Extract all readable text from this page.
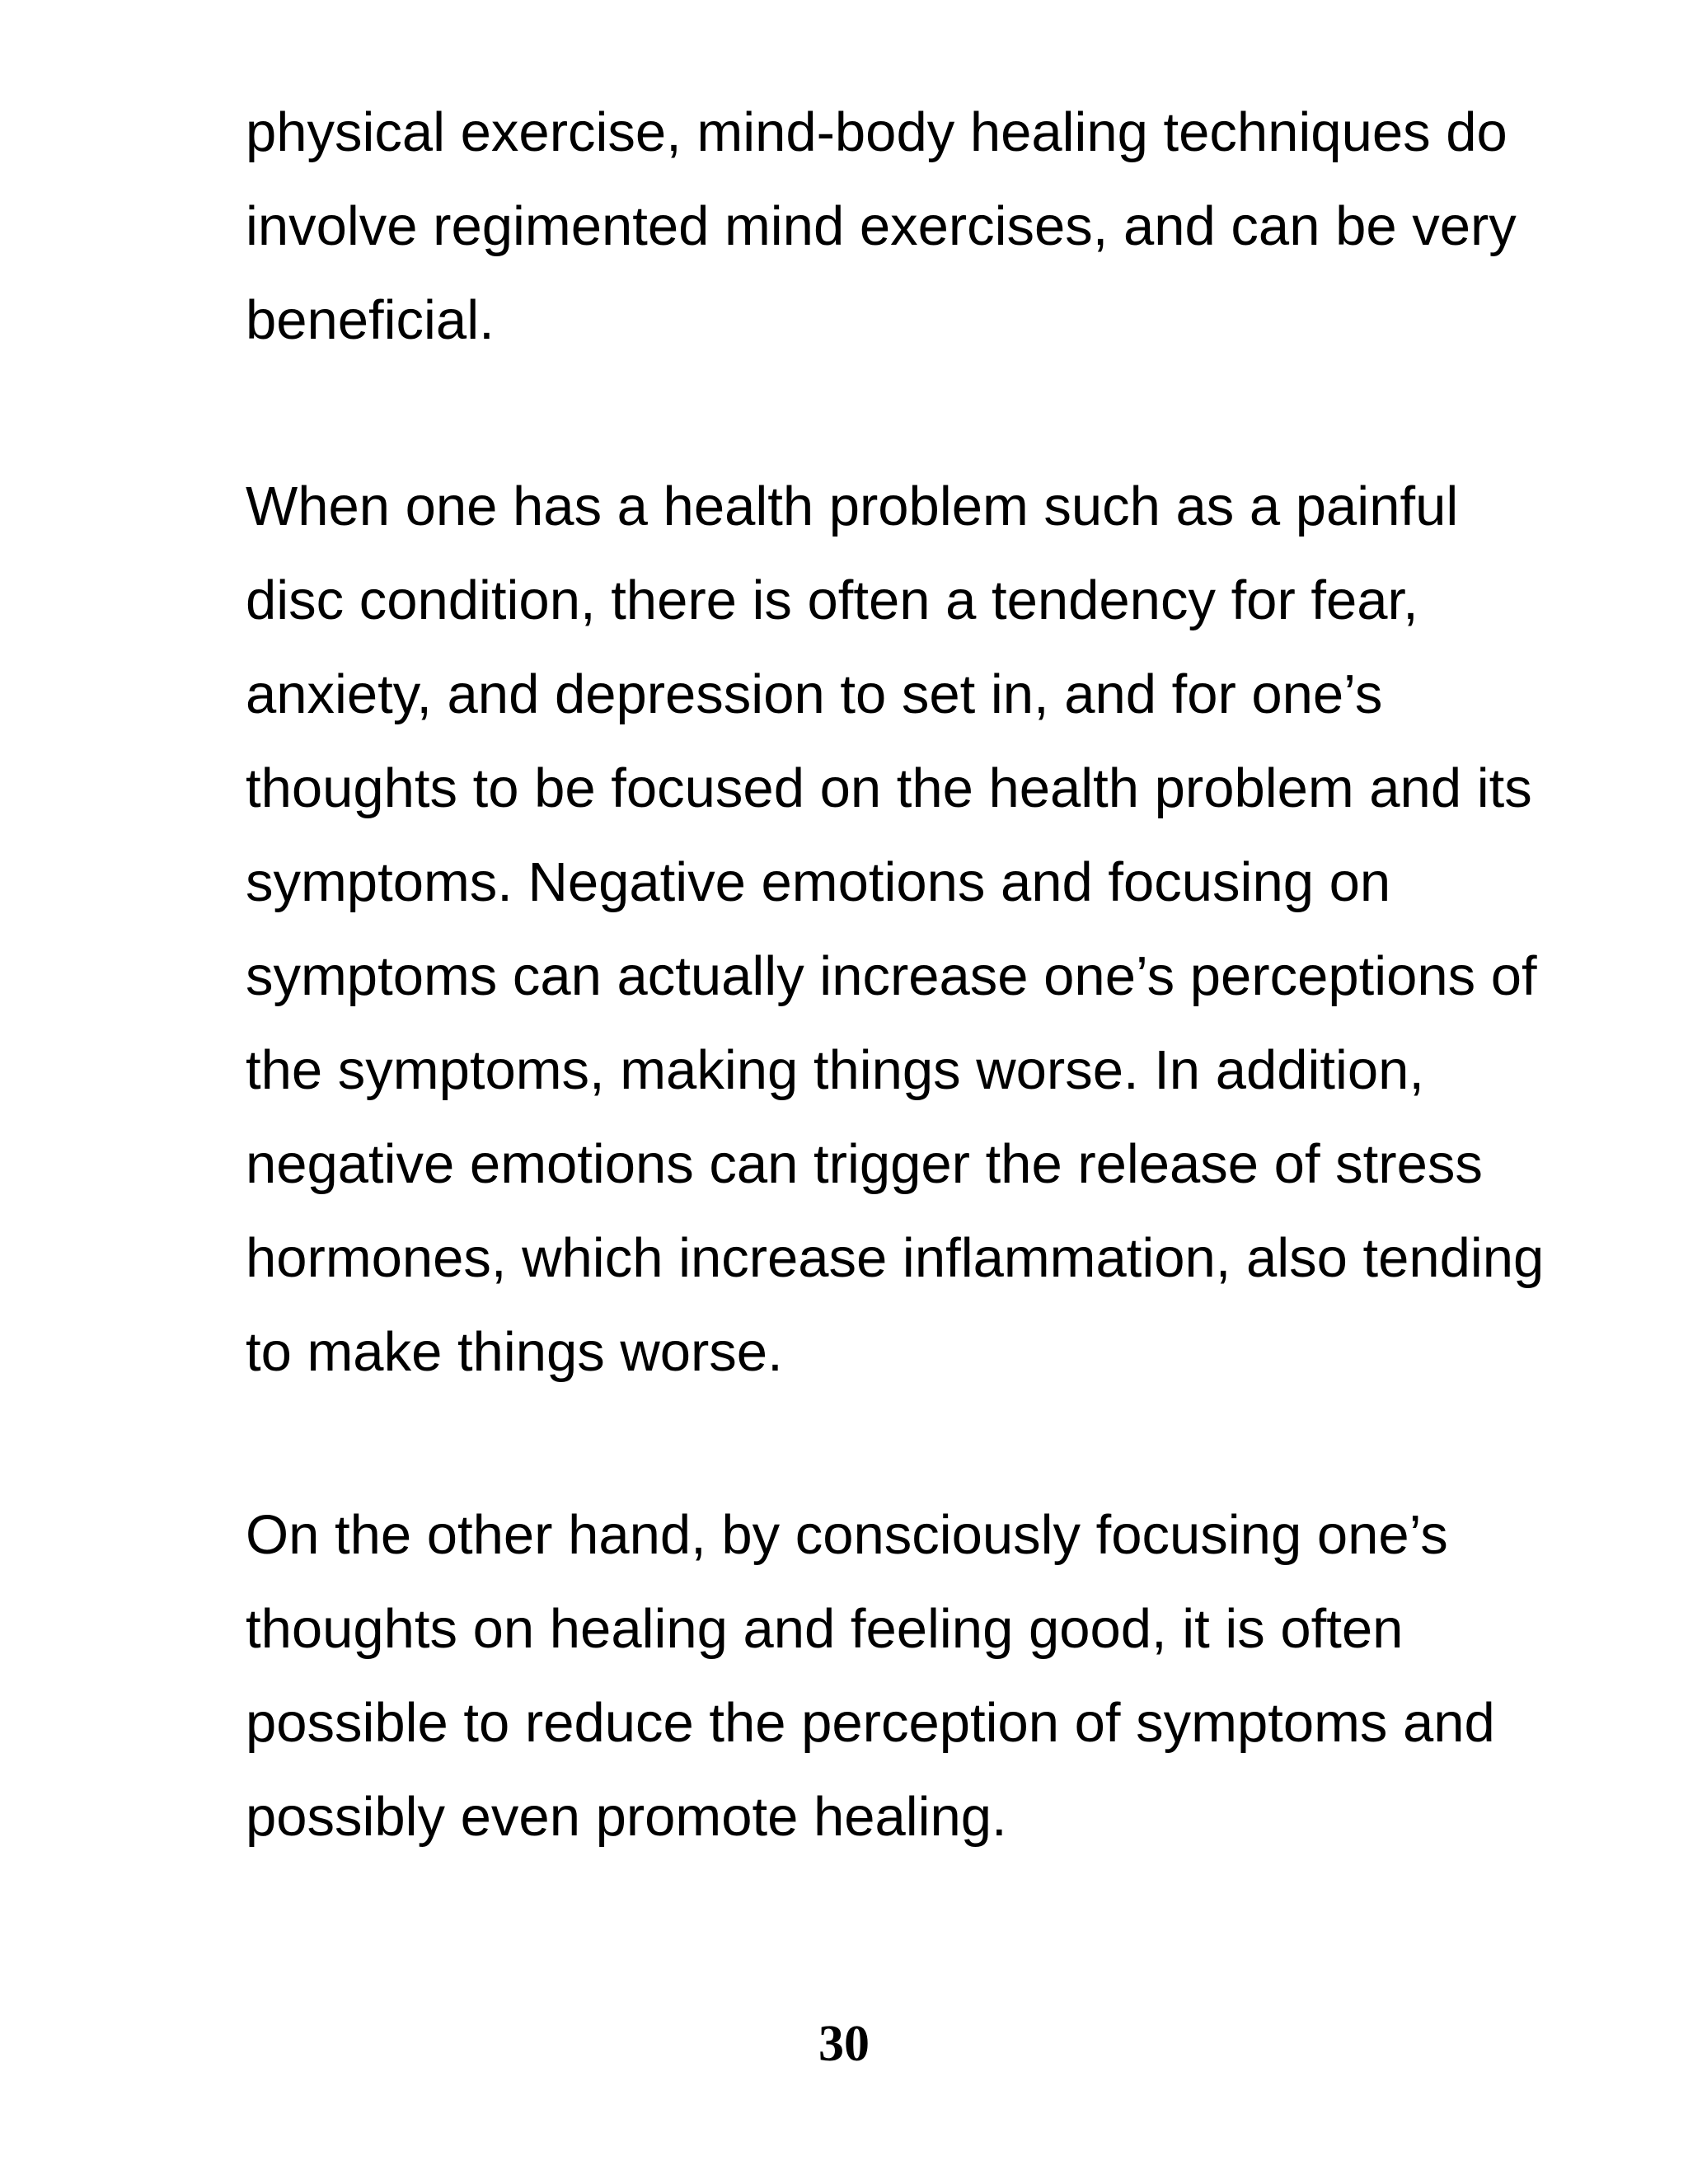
physical exercise, mind-body healing techniques do
involve regimented mind exercises, and can be very
beneficial.
When one has a health problem such as a painful
disc condition, there is often a tendency for fear,
anxiety, and depression to set in, and for one’s
thoughts to be focused on the health problem and its
symptoms. Negative emotions and focusing on
symptoms can actually increase one’s perceptions of
the symptoms, making things worse. In addition,
negative emotions can trigger the release of stress
hormones, which increase inflammation, also tending
to make things worse.
On the other hand, by consciously focusing one’s
thoughts on healing and feeling good, it is often
possible to reduce the perception of symptoms and
possibly even promote healing.
30
